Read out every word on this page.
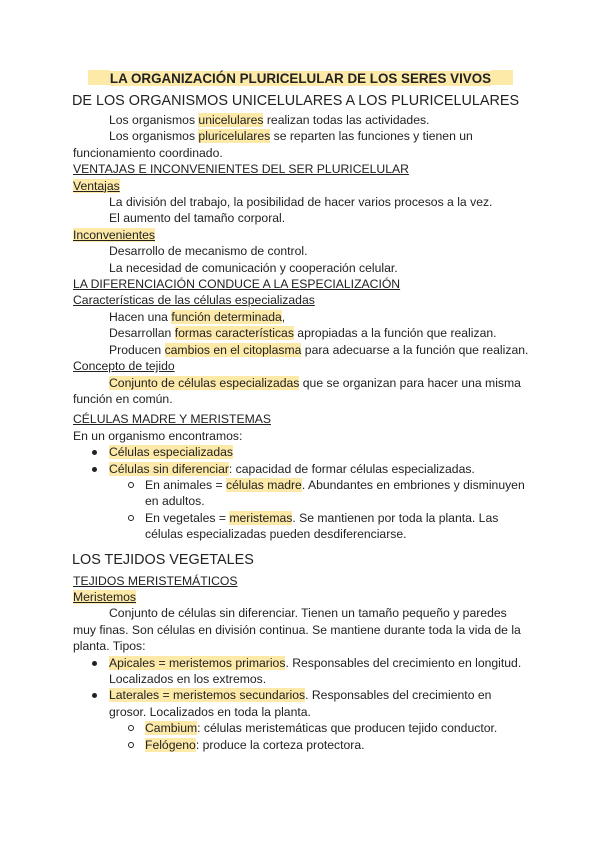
LA ORGANIZACIÓN PLURICELULAR DE LOS SERES VIVOS
DE LOS ORGANISMOS UNICELULARES A LOS PLURICELULARES
Los organismos unicelulares realizan todas las actividades.
Los organismos pluricelulares se reparten las funciones y tienen un
funcionamiento coordinado.
VENTAJAS E INCONVENIENTES DEL SER PLURICELULAR
Ventajas
La división del trabajo, la posibilidad de hacer varios procesos a la vez.
El aumento del tamaño corporal.
Inconvenientes
Desarrollo de mecanismo de control.
La necesidad de comunicación y cooperación celular.
LA DIFERENCIACIÓN CONDUCE A LA ESPECIALIZACIÓN
Características de las células especializadas
Hacen una función determinada,
Desarrollan formas características apropiadas a la función que realizan.
Producen cambios en el citoplasma para adecuarse a la función que realizan.
Concepto de tejido
Conjunto de células especializadas que se organizan para hacer una misma
función en común.
CÉLULAS MADRE Y MERISTEMAS
En un organismo encontramos:
Células especializadas
Células sin diferenciar: capacidad de formar células especializadas.
En animales = células madre. Abundantes en embriones y disminuyen
en adultos.
En vegetales = meristemas. Se mantienen por toda la planta. Las
células especializadas pueden desdiferenciarse.
LOS TEJIDOS VEGETALES
TEJIDOS MERISTEMÁTICOS
Meristemos
Conjunto de células sin diferenciar. Tienen un tamaño pequeño y paredes
muy finas. Son células en división continua. Se mantiene durante toda la vida de la
planta. Tipos:
Apicales = meristemos primarios. Responsables del crecimiento en longitud.
Localizados en los extremos.
Laterales = meristemos secundarios. Responsables del crecimiento en
grosor. Localizados en toda la planta.
Cambium: células meristemáticas que producen tejido conductor.
Felógeno: produce la corteza protectora.
